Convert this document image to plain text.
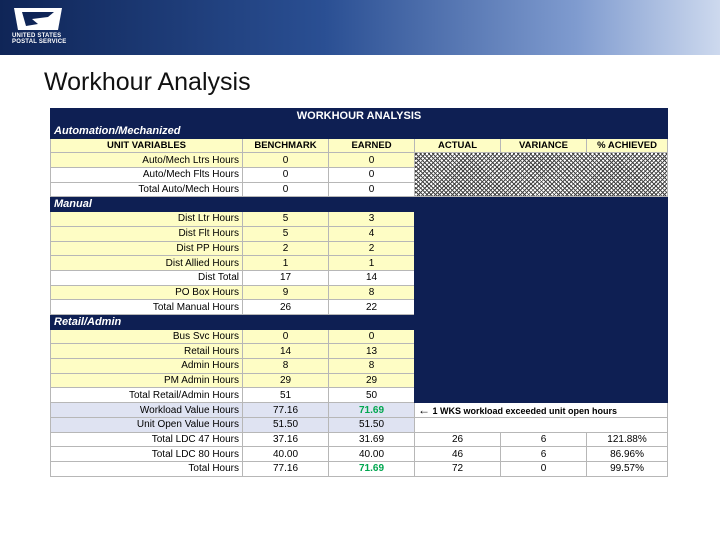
UNITED STATES
POSTAL SERVICE
Workhour Analysis
WORKHOUR ANALYSIS					
Automation/Mechanized					
UNIT VARIABLES	BENCHMARK	EARNED	ACTUAL	VARIANCE	% ACHIEVED
Auto/Mech Ltrs Hours	0	0			
Auto/Mech Flts Hours	0	0			
Total Auto/Mech Hours	0	0			
Manual					
Dist Ltr Hours	5	3			
Dist Flt Hours	5	4			
Dist PP Hours	2	2			
Dist Allied Hours	1	1			
Dist Total	17	14			
PO Box Hours	9	8			
Total Manual Hours	26	22			
Retail/Admin					
Bus Svc Hours	0	0			
Retail Hours	14	13			
Admin Hours	8	8			
PM Admin Hours	29	29			
Total Retail/Admin Hours	51	50			
Workload Value Hours	77.16	71.69	← 1 WKS workload exceeded unit open hours		
Unit Open Value Hours	51.50	51.50			
Total LDC 47 Hours	37.16	31.69	26	6	121.88%
Total LDC 80 Hours	40.00	40.00	46	6	86.96%
Total Hours	77.16	71.69	72	0	99.57%
